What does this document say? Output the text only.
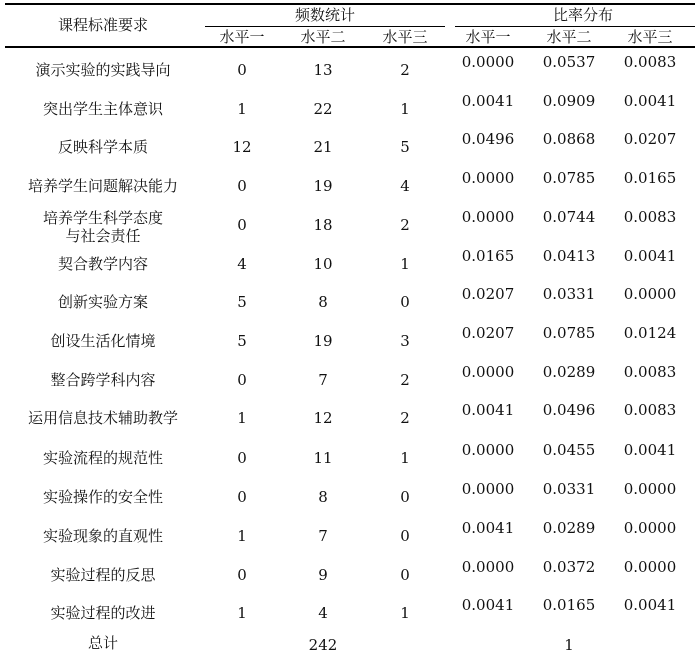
课程标准要求
频数统计	比率分布
水平一 水平二 水平三	水平一 水平二 水平三
演示实验的实践导向	0	13	2	0.0000 0.0537 0.0083
突出学生主体意识	1	22	1	0.0041 0.0909 0.0041
反映科学本质	12	21	5	0.0496 0.0868 0.0207
培养学生问题解决能力	0	19	4	0.0000 0.0785 0.0165
培养学生科学态度
与社会责任
0	18	2	0.0000 0.0744 0.0083
契合教学内容	4	10	1	0.0165 0.0413 0.0041
创新实验方案	5	8	0	0.0207 0.0331 0.0000
创设生活化情境	5	19	3	0.0207 0.0785 0.0124
整合跨学科内容	0	7	2	0.0000 0.0289 0.0083
运用信息技术辅助教学	1	12	2	0.0041 0.0496 0.0083
实验流程的规范性	0	11	1	0.0000 0.0455 0.0041
实验操作的安全性	0	8	0	0.0000 0.0331 0.0000
实验现象的直观性	1	7	0	0.0041 0.0289 0.0000
实验过程的反思	0	9	0	0.0000 0.0372 0.0000
实验过程的改进	1	4	1	0.0041 0.0165 0.0041
总计	242	1
